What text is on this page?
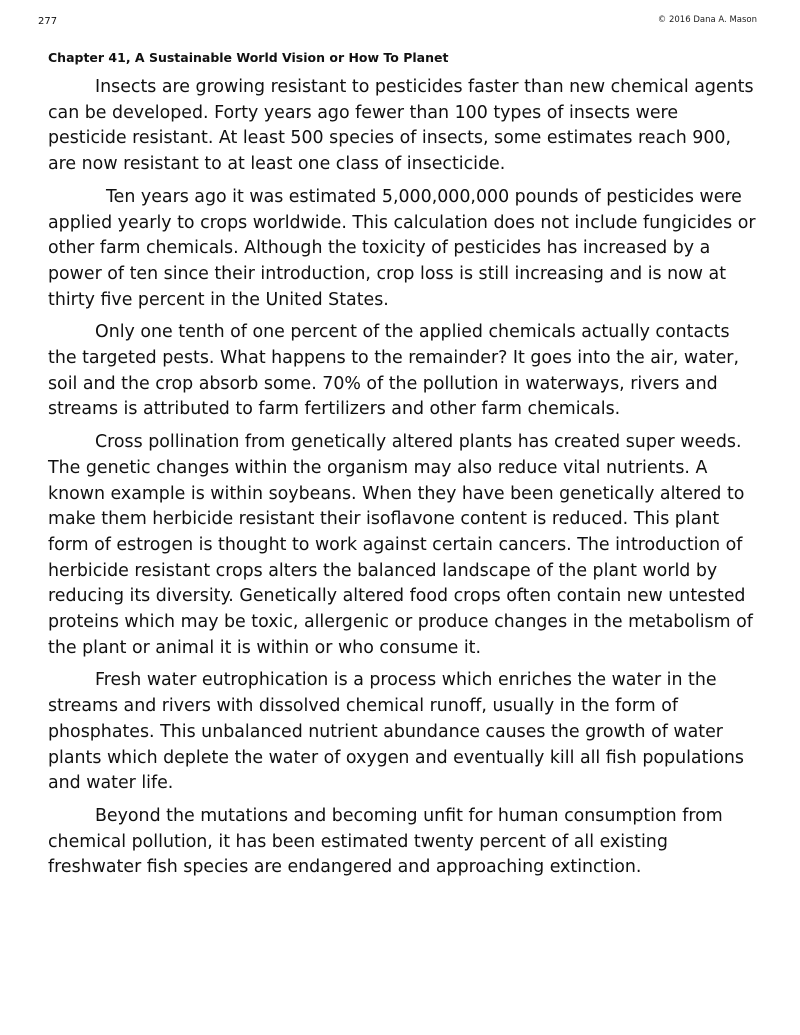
277	© 2016 Dana A. Mason
Chapter 41, A Sustainable World Vision or How To Planet

Insects are growing resistant to pesticides faster than new chemical agents can be developed. Forty years ago fewer than 100 types of insects were pesticide resistant. At least 500 species of insects, some estimates reach 900, are now resistant to at least one class of insecticide.

Ten years ago it was estimated 5,000,000,000 pounds of pesticides were applied yearly to crops worldwide. This calculation does not include fungicides or other farm chemicals. Although the toxicity of pesticides has increased by a power of ten since their introduction, crop loss is still increasing and is now at thirty five percent in the United States.

Only one tenth of one percent of the applied chemicals actually contacts the targeted pests. What happens to the remainder? It goes into the air, water, soil and the crop absorb some. 70% of the pollution in waterways, rivers and streams is attributed to farm fertilizers and other farm chemicals.

Cross pollination from genetically altered plants has created super weeds. The genetic changes within the organism may also reduce vital nutrients. A known example is within soybeans. When they have been genetically altered to make them herbicide resistant their isoflavone content is reduced. This plant form of estrogen is thought to work against certain cancers. The introduction of herbicide resistant crops alters the balanced landscape of the plant world by reducing its diversity. Genetically altered food crops often contain new untested proteins which may be toxic, allergenic or produce changes in the metabolism of the plant or animal it is within or who consume it.

Fresh water eutrophication is a process which enriches the water in the streams and rivers with dissolved chemical runoff, usually in the form of phosphates. This unbalanced nutrient abundance causes the growth of water plants which deplete the water of oxygen and eventually kill all fish populations and water life.

Beyond the mutations and becoming unfit for human consumption from chemical pollution, it has been estimated twenty percent of all existing freshwater fish species are endangered and approaching extinction.
